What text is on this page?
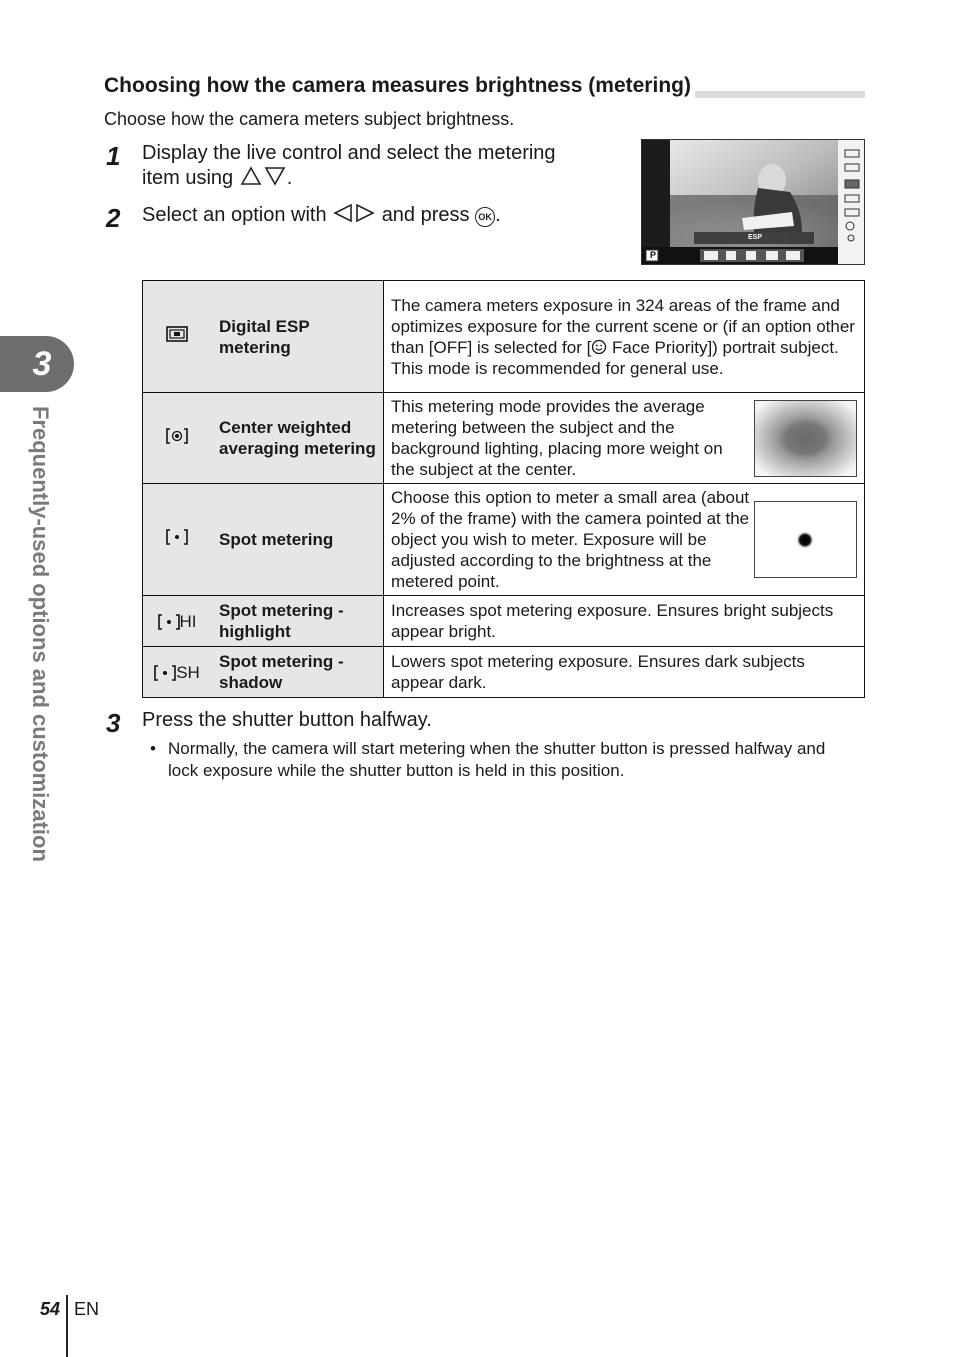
Choosing how the camera measures brightness (metering)
Choose how the camera meters subject brightness.
1 Display the live control and select the metering
item using	.
2 Select an option with	and press OK .
ESP
P
	Digital ESP metering	The camera meters exposure in 324 areas of the frame and optimizes exposure for the current scene or (if an option other than [OFF] is selected for [ Face Priority]) portrait subject. This mode is recommended for general use.
	Center weighted averaging metering	This metering mode provides the average metering between the subject and the background lighting, placing more weight on the subject at the center.

	Spot metering	Choose this option to meter a small area (about 2% of the frame) with the camera pointed at the object you wish to meter. Exposure will be adjusted according to the brightness at the metered point.

HI	Spot metering - highlight	Increases spot metering exposure. Ensures bright subjects appear bright.
SH	Spot metering - shadow	Lowers spot metering exposure. Ensures dark subjects appear dark.
3 Press the shutter button halfway.
• Normally, the camera will start metering when the shutter button is pressed halfway and lock exposure while the shutter button is held in this position.
3
Frequently-used options and customization
54 EN
